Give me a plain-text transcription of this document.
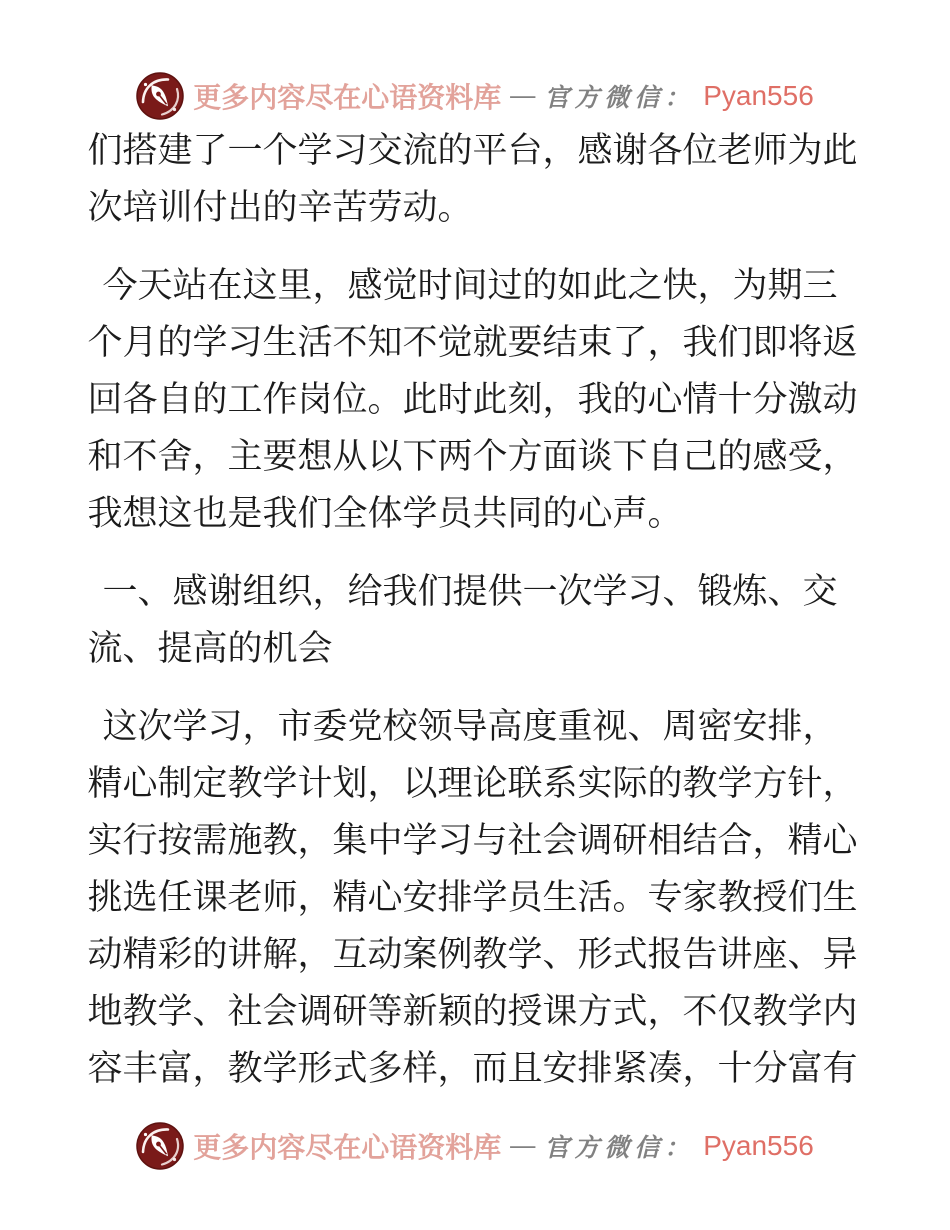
更多内容尽在心语资料库 — 官方微信： Pyan556

们搭建了一个学习交流的平台，感谢各位老师为此次培训付出的辛苦劳动。

今天站在这里，感觉时间过的如此之快，为期三个月的学习生活不知不觉就要结束了，我们即将返回各自的工作岗位。此时此刻，我的心情十分激动和不舍，主要想从以下两个方面谈下自己的感受，我想这也是我们全体学员共同的心声。

一、感谢组织，给我们提供一次学习、锻炼、交流、提高的机会

这次学习，市委党校领导高度重视、周密安排，精心制定教学计划，以理论联系实际的教学方针，实行按需施教，集中学习与社会调研相结合，精心挑选任课老师，精心安排学员生活。专家教授们生动精彩的讲解，互动案例教学、形式报告讲座、异地教学、社会调研等新颖的授课方式，不仅教学内容丰富，教学形式多样，而且安排紧凑，十分富有

更多内容尽在心语资料库 — 官方微信： Pyan556
